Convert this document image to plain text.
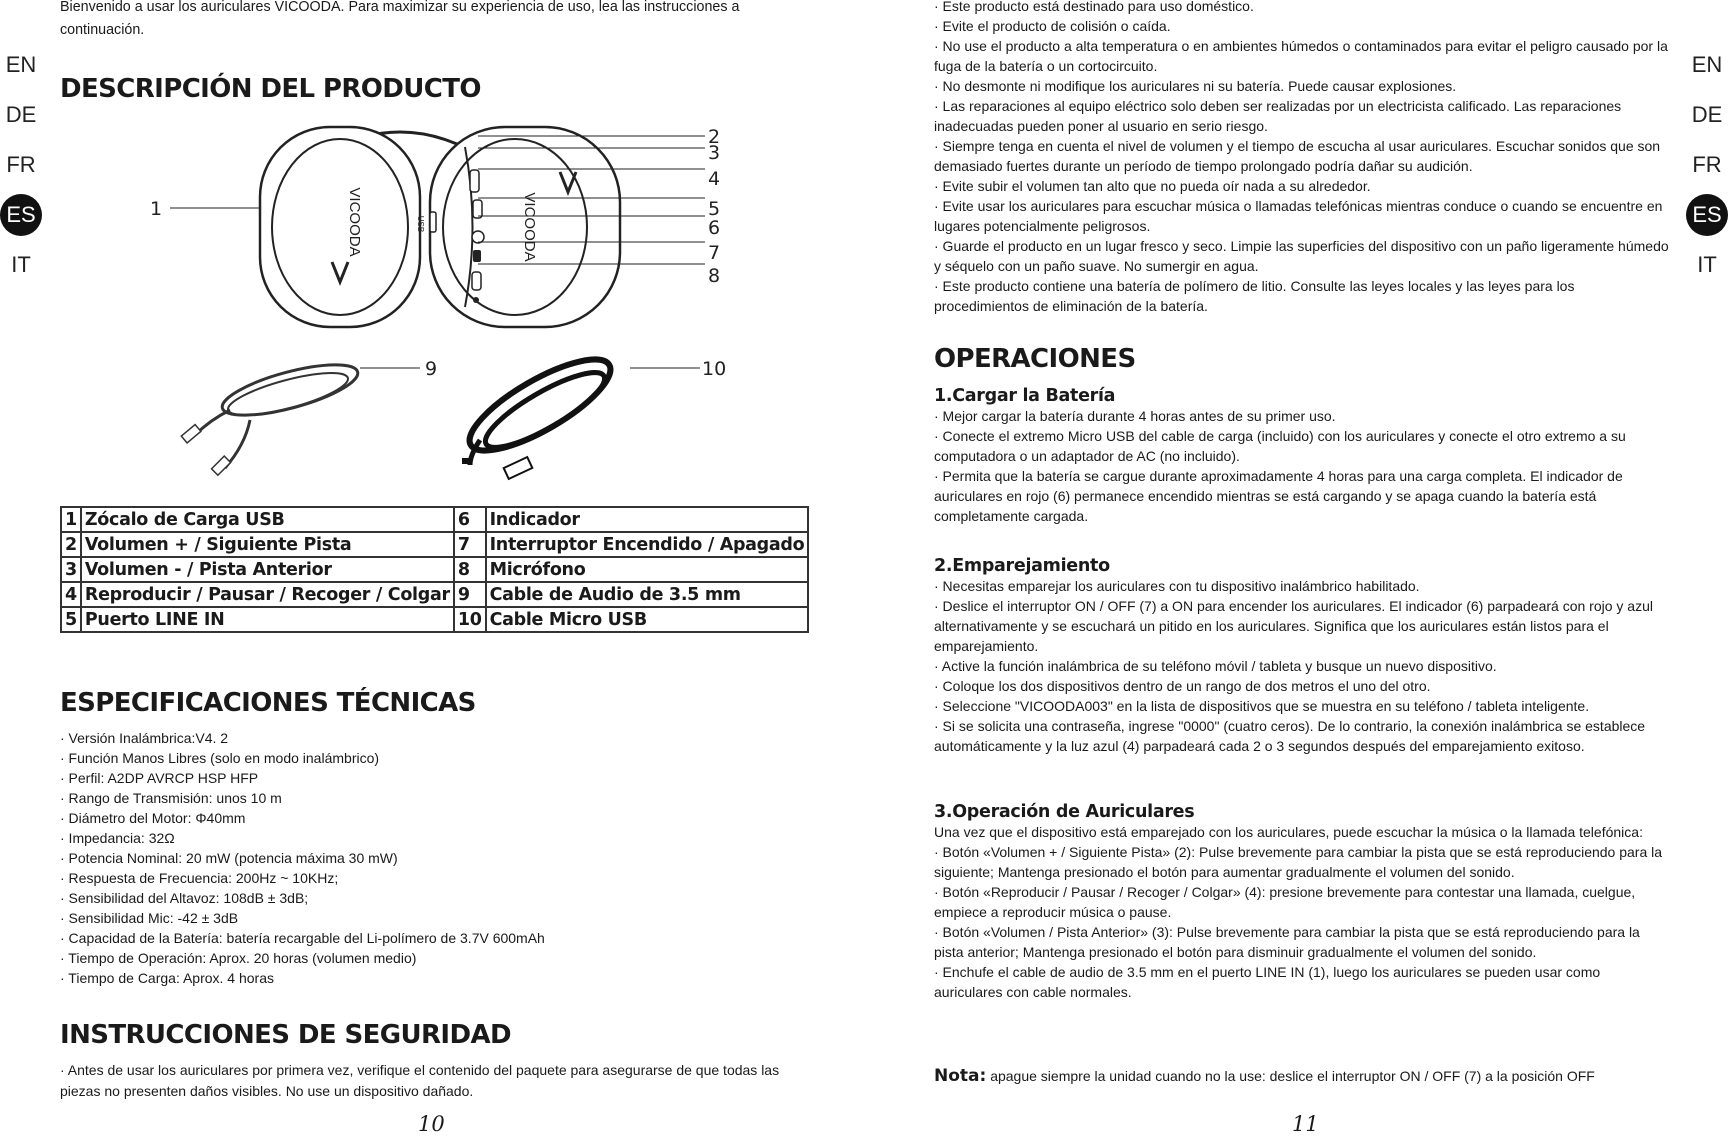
EN
DE
FR
ES
IT
EN
DE
FR
ES
IT

Bienvenido a usar los auriculares VICOODA. Para maximizar su experiencia de uso, lea las instrucciones a continuación.

DESCRIPCIÓN DEL PRODUCTO
VICOODA	VICOODA
USB
1
2
3
4
5
6
7
8
9	10
1	Zócalo de Carga USB	6	Indicador
2	Volumen + / Siguiente Pista	7	Interruptor Encendido / Apagado
3	Volumen - / Pista Anterior	8	Micrófono
4	Reproducir / Pausar / Recoger / Colgar	9	Cable de Audio de 3.5 mm
5	Puerto LINE IN	10	Cable Micro USB
ESPECIFICACIONES TÉCNICAS

· Versión Inalámbrica:V4. 2

· Función Manos Libres (solo en modo inalámbrico)

· Perfil: A2DP AVRCP HSP HFP

· Rango de Transmisión: unos 10 m

· Diámetro del Motor: Φ40mm

· Impedancia: 32Ω

· Potencia Nominal: 20 mW (potencia máxima 30 mW)

· Respuesta de Frecuencia: 200Hz ~ 10KHz;

· Sensibilidad del Altavoz: 108dB ± 3dB;

· Sensibilidad Mic: -42 ± 3dB

· Capacidad de la Batería: batería recargable del Li-polímero de 3.7V 600mAh

· Tiempo de Operación: Aprox. 20 horas (volumen medio)

· Tiempo de Carga: Aprox. 4 horas

INSTRUCCIONES DE SEGURIDAD

· Antes de usar los auriculares por primera vez, verifique el contenido del paquete para asegurarse de que todas las piezas no presenten daños visibles. No use un dispositivo dañado.

10

· Este producto está destinado para uso doméstico.

· Evite el producto de colisión o caída.

· No use el producto a alta temperatura o en ambientes húmedos o contaminados para evitar el peligro causado por la fuga de la batería o un cortocircuito.

· No desmonte ni modifique los auriculares ni su batería. Puede causar explosiones.

· Las reparaciones al equipo eléctrico solo deben ser realizadas por un electricista calificado. Las reparaciones inadecuadas pueden poner al usuario en serio riesgo.

· Siempre tenga en cuenta el nivel de volumen y el tiempo de escucha al usar auriculares. Escuchar sonidos que son demasiado fuertes durante un período de tiempo prolongado podría dañar su audición.

· Evite subir el volumen tan alto que no pueda oír nada a su alrededor.

· Evite usar los auriculares para escuchar música o llamadas telefónicas mientras conduce o cuando se encuentre en lugares potencialmente peligrosos.

· Guarde el producto en un lugar fresco y seco. Limpie las superficies del dispositivo con un paño ligeramente húmedo y séquelo con un paño suave. No sumergir en agua.

· Este producto contiene una batería de polímero de litio. Consulte las leyes locales y las leyes para los procedimientos de eliminación de la batería.

OPERACIONES
1.Cargar la Batería

· Mejor cargar la batería durante 4 horas antes de su primer uso.

· Conecte el extremo Micro USB del cable de carga (incluido) con los auriculares y conecte el otro extremo a su computadora o un adaptador de AC (no incluido).

· Permita que la batería se cargue durante aproximadamente 4 horas para una carga completa. El indicador de auriculares en rojo (6) permanece encendido mientras se está cargando y se apaga cuando la batería está completamente cargada.

2.Emparejamiento

· Necesitas emparejar los auriculares con tu dispositivo inalámbrico habilitado.

· Deslice el interruptor ON / OFF (7) a ON para encender los auriculares. El indicador (6) parpadeará con rojo y azul alternativamente y se escuchará un pitido en los auriculares. Significa que los auriculares están listos para el emparejamiento.

· Active la función inalámbrica de su teléfono móvil / tableta y busque un nuevo dispositivo.

· Coloque los dos dispositivos dentro de un rango de dos metros el uno del otro.

· Seleccione "VICOODA003" en la lista de dispositivos que se muestra en su teléfono / tableta inteligente.

· Si se solicita una contraseña, ingrese "0000" (cuatro ceros). De lo contrario, la conexión inalámbrica se establece automáticamente y la luz azul (4) parpadeará cada 2 o 3 segundos después del emparejamiento exitoso.

3.Operación de Auriculares

Una vez que el dispositivo está emparejado con los auriculares, puede escuchar la música o la llamada telefónica:

· Botón «Volumen + / Siguiente Pista» (2): Pulse brevemente para cambiar la pista que se está reproduciendo para la siguiente; Mantenga presionado el botón para aumentar gradualmente el volumen del sonido.

· Botón «Reproducir / Pausar / Recoger / Colgar» (4): presione brevemente para contestar una llamada, cuelgue, empiece a reproducir música o pause.

· Botón «Volumen / Pista Anterior» (3): Pulse brevemente para cambiar la pista que se está reproduciendo para la pista anterior; Mantenga presionado el botón para disminuir gradualmente el volumen del sonido.

· Enchufe el cable de audio de 3.5 mm en el puerto LINE IN (1), luego los auriculares se pueden usar como auriculares con cable normales.

Nota: apague siempre la unidad cuando no la use: deslice el interruptor ON / OFF (7) a la posición OFF

11
